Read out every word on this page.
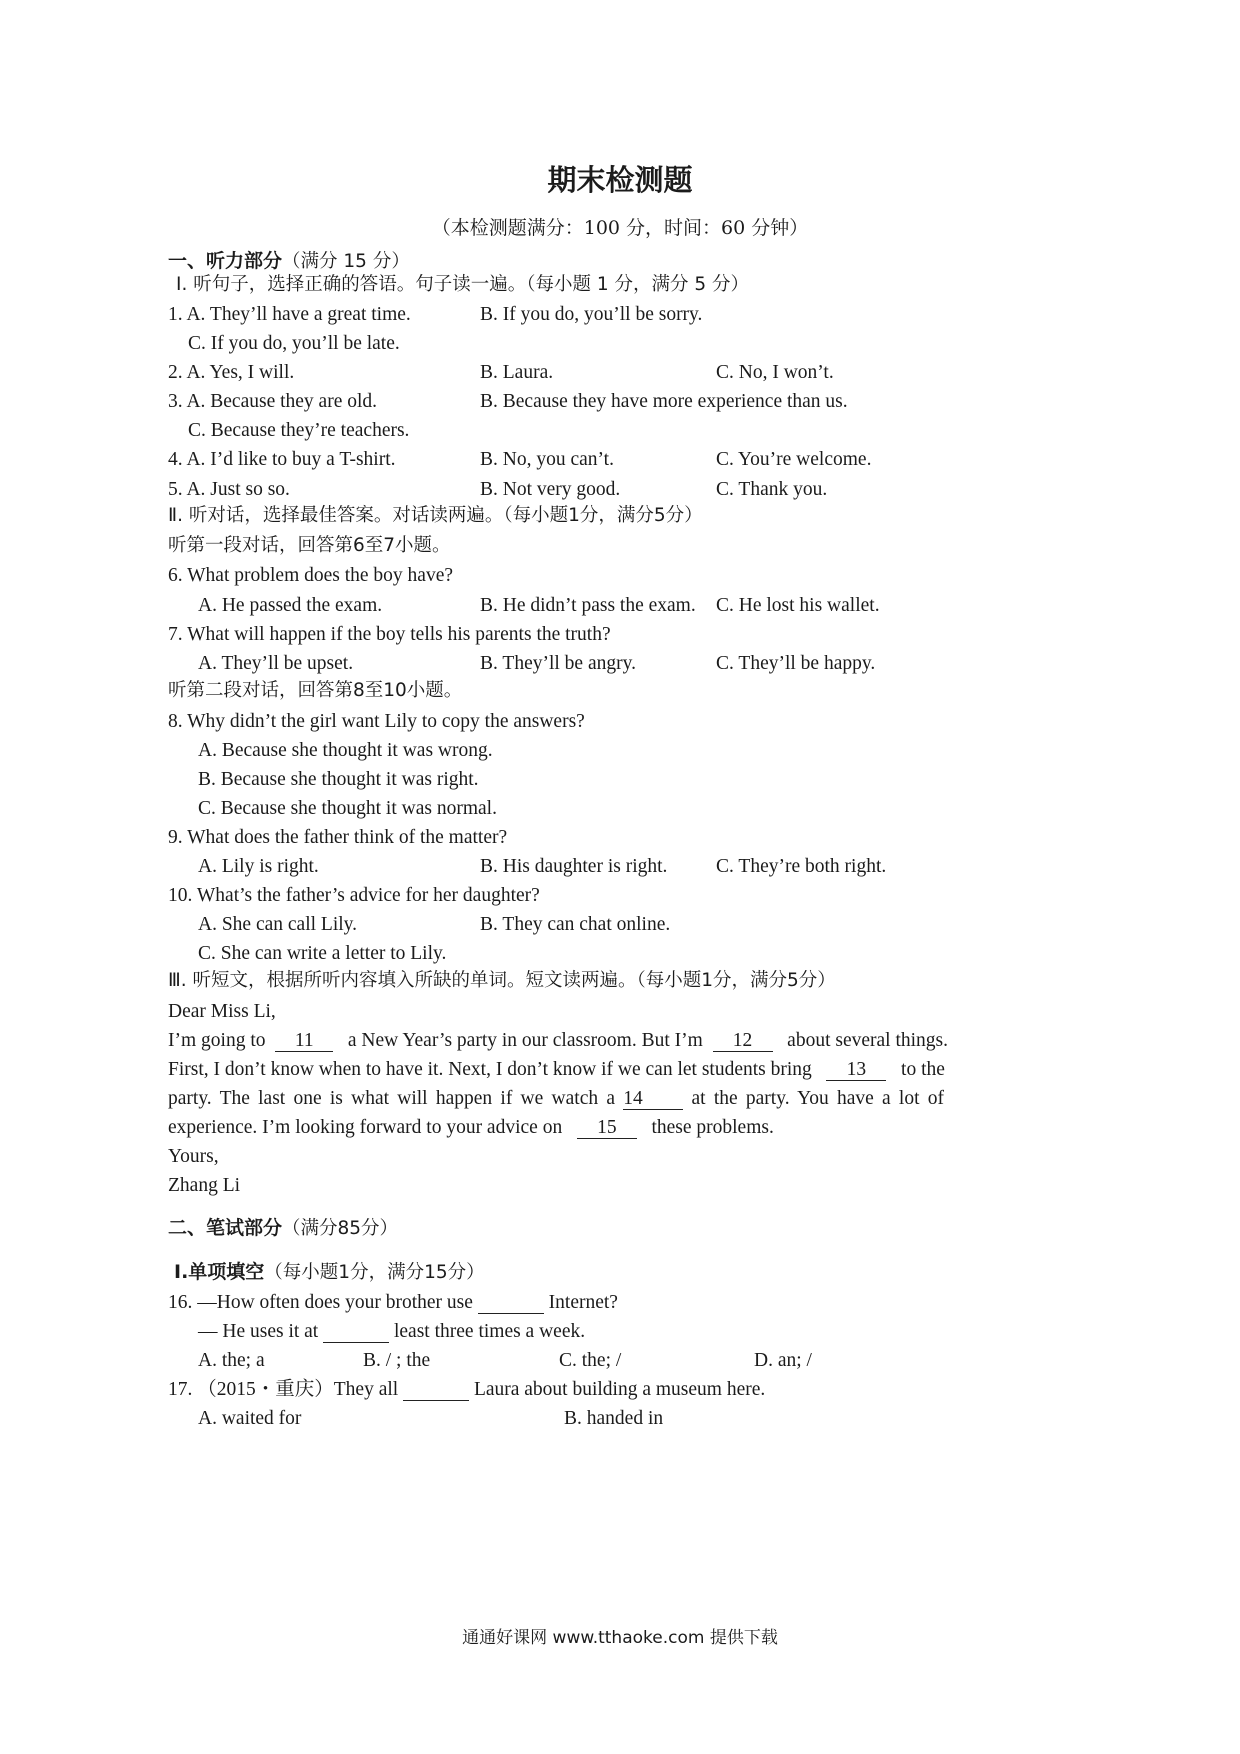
期末检测题
（本检测题满分：100 分，时间：60 分钟）
一、听力部分（满分 15 分）
Ⅰ. 听句子，选择正确的答语。句子读一遍。（每小题 1 分，满分 5 分）
1. A. They’ll have a great time.	B. If you do, you’ll be sorry.
C. If you do, you’ll be late.
2. A. Yes, I will.	B. Laura.	C. No, I won’t.
3. A. Because they are old.	B. Because they have more experience than us.
C. Because they’re teachers.
4. A. I’d like to buy a T-shirt.	B. No, you can’t.	C. You’re welcome.
5. A. Just so so.	B. Not very good.	C. Thank you.
Ⅱ. 听对话，选择最佳答案。对话读两遍。（每小题1分，满分5分）
听第一段对话，回答第6至7小题。
6. What problem does the boy have?
A. He passed the exam.	B. He didn’t pass the exam. C. He lost his wallet.
7. What will happen if the boy tells his parents the truth?
A. They’ll be upset.	B. They’ll be angry.	C. They’ll be happy.
听第二段对话，回答第8至10小题。
8. Why didn’t the girl want Lily to copy the answers?
A. Because she thought it was wrong.
B. Because she thought it was right.
C. Because she thought it was normal.
9. What does the father think of the matter?
A. Lily is right.	B. His daughter is right. C. They’re both right.
10. What’s the father’s advice for her daughter?
A. She can call Lily.	B. They can chat online.
C. She can write a letter to Lily.
Ⅲ. 听短文，根据所听内容填入所缺的单词。短文读两遍。（每小题1分，满分5分）
Dear Miss Li,
I’m going to 11 a New Year’s party in our classroom. But I’m 12 about several things.
First, I don’t know when to have it. Next, I don’t know if we can let students bring 13 to the
party. The last one is what will happen if we watch a 14	at the party. You have a lot of
experience. I’m looking forward to your advice on 15 these problems.
Yours,
Zhang Li
二、笔试部分（满分85分）
Ⅰ.单项填空（每小题1分，满分15分）
16. —How often does your brother use	Internet?
— He uses it at	least three times a week.
A. the; a	B. / ; the	C. the; /	D. an; /
17. （2015・重庆）They all	Laura about building a museum here.
A. waited for	B. handed in
通通好课网 www.tthaoke.com 提供下载
